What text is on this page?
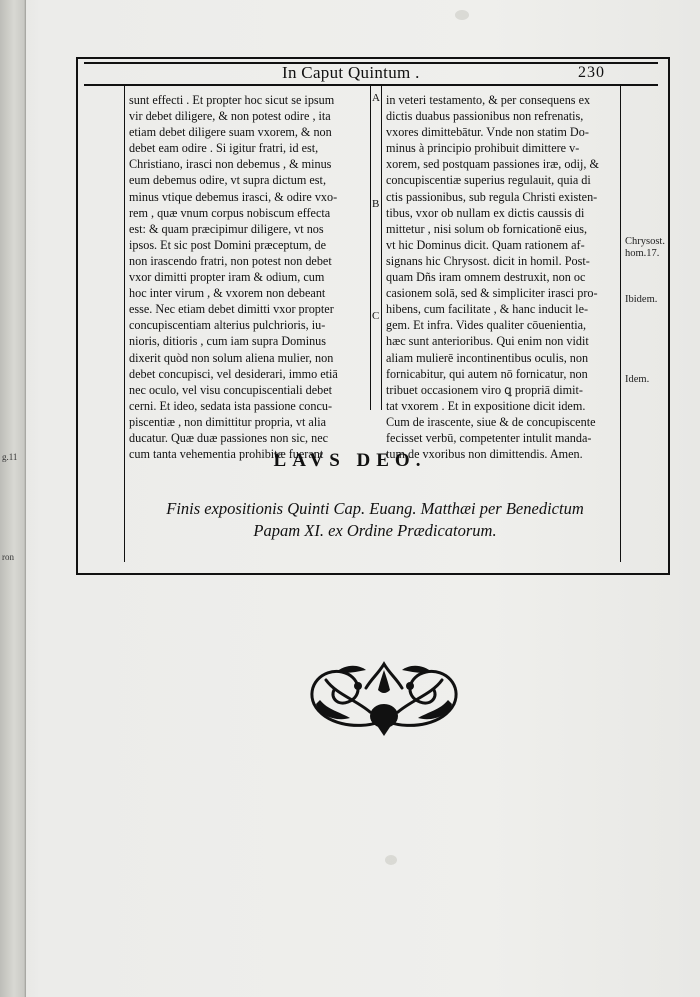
g.11
ron
In Caput Quintum .	230
sunt effecti . Et propter hoc sicut se ipsum
vir debet diligere, & non potest odire , ita
etiam debet diligere suam vxorem, & non
debet eam odire . Si igitur fratri, id est,
Christiano, irasci non debemus , & minus
eum debemus odire, vt supra dictum est,
minus vtique debemus irasci, & odire vxo-
rem , quæ vnum corpus nobiscum effecta
est: & quam præcipimur diligere, vt nos
ipsos. Et sic post Domini præceptum, de
non irascendo fratri, non potest non debet
vxor dimitti propter iram & odium, cum
hoc inter virum , & vxorem non debeant
esse. Nec etiam debet dimitti vxor propter
concupiscentiam alterius pulchrioris, iu-
nioris, ditioris , cum iam supra Dominus
dixerit quòd non solum aliena mulier, non
debet concupisci, vel desiderari, immo etiā
nec oculo, vel visu concupiscentiali debet
cerni. Et ideo, sedata ista passione concu-
piscentiæ , non dimittitur propria, vt alia
ducatur. Quæ duæ passiones non sic, nec
cum tanta vehementia prohibitæ fuerant
in veteri testamento, & per consequens ex
dictis duabus passionibus non refrenatis,
vxores dimittebātur. Vnde non statim Do-
minus à principio prohibuit dimittere v-
xorem, sed postquam passiones iræ, odij, &
concupiscentiæ superius regulauit, quia di
ctis passionibus, sub regula Christi existen-
tibus, vxor ob nullam ex dictis caussis di
mittetur , nisi solum ob fornicationē eius,
vt hic Dominus dicit. Quam rationem af-
signans hic Chrysost. dicit in homil. Post-
quam Dñs iram omnem destruxit, non oc
casionem solā, sed & simpliciter irasci pro-
hibens, cum facilitate , & hanc inducit le-
gem. Et infra. Vides qualiter cōuenientia,
hæc sunt anterioribus. Qui enim non vidit
aliam mulierē incontinentibus oculis, non
fornicabitur, qui autem nō fornicatur, non
tribuet occasionem viro ꝗ propriā dimit-
tat vxorem . Et in expositione dicit idem.
Cum de irascente, siue & de concupiscente
fecisset verbū, competenter intulit manda-
tum de vxoribus non dimittendis. Amen.
A
B
C
Chrysost.
hom.17.
Ibidem.
Idem.
LAVS DEO.
Finis expositionis Quinti Cap. Euang. Matthæi per Benedictum
Papam XI. ex Ordine Prædicatorum.
